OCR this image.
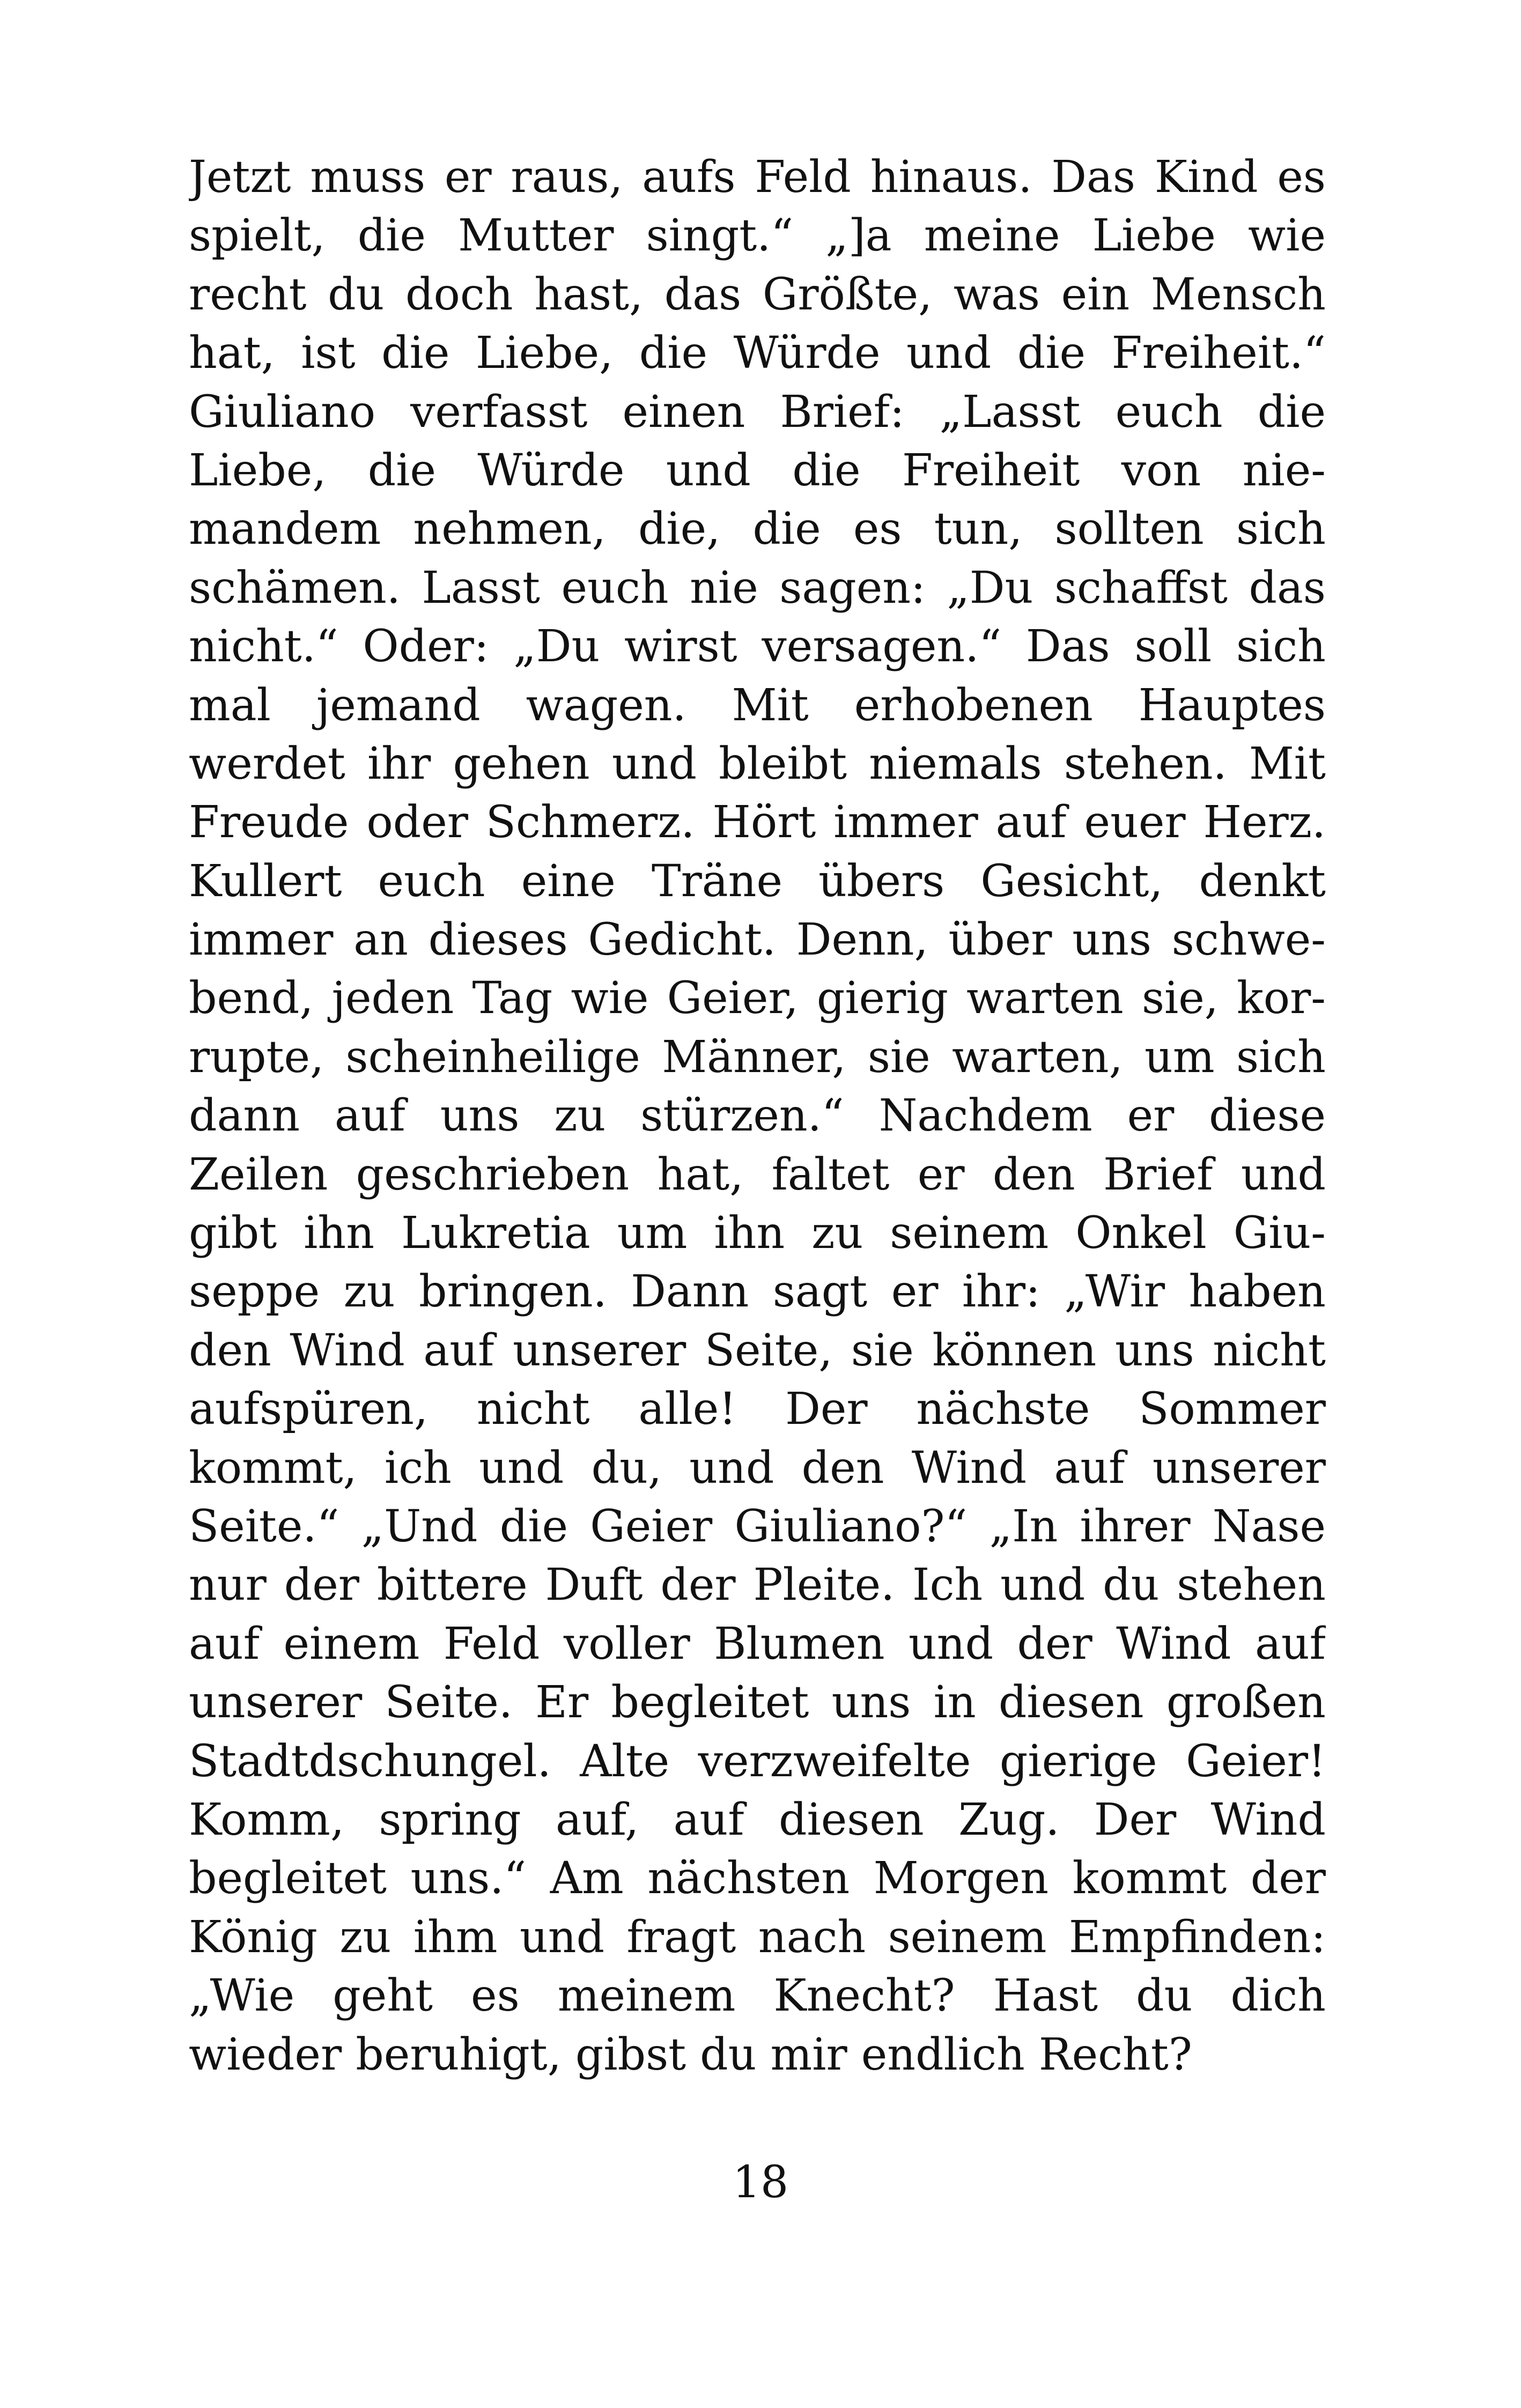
Jetzt muss er raus, aufs Feld hinaus. Das Kind es
spielt, die Mutter singt.“ „]a meine Liebe wie
recht du doch hast, das Größte, was ein Mensch
hat, ist die Liebe, die Würde und die Freiheit.“
Giuliano verfasst einen Brief: „Lasst euch die
Liebe, die Würde und die Freiheit von nie-
mandem nehmen, die, die es tun, sollten sich
schämen. Lasst euch nie sagen: „Du schaffst das
nicht.“ Oder: „Du wirst versagen.“ Das soll sich
mal jemand wagen. Mit erhobenen Hauptes
werdet ihr gehen und bleibt niemals stehen. Mit
Freude oder Schmerz. Hört immer auf euer Herz.
Kullert euch eine Träne übers Gesicht, denkt
immer an dieses Gedicht. Denn, über uns schwe-
bend, jeden Tag wie Geier, gierig warten sie, kor-
rupte, scheinheilige Männer, sie warten, um sich
dann auf uns zu stürzen.“ Nachdem er diese
Zeilen geschrieben hat, faltet er den Brief und
gibt ihn Lukretia um ihn zu seinem Onkel Giu-
seppe zu bringen. Dann sagt er ihr: „Wir haben
den Wind auf unserer Seite, sie können uns nicht
aufspüren, nicht alle! Der nächste Sommer
kommt, ich und du, und den Wind auf unserer
Seite.“ „Und die Geier Giuliano?“ „In ihrer Nase
nur der bittere Duft der Pleite. Ich und du stehen
auf einem Feld voller Blumen und der Wind auf
unserer Seite. Er begleitet uns in diesen großen
Stadtdschungel. Alte verzweifelte gierige Geier!
Komm, spring auf, auf diesen Zug. Der Wind
begleitet uns.“ Am nächsten Morgen kommt der
König zu ihm und fragt nach seinem Empfinden:
„Wie geht es meinem Knecht? Hast du dich
wieder beruhigt, gibst du mir endlich Recht?
18
